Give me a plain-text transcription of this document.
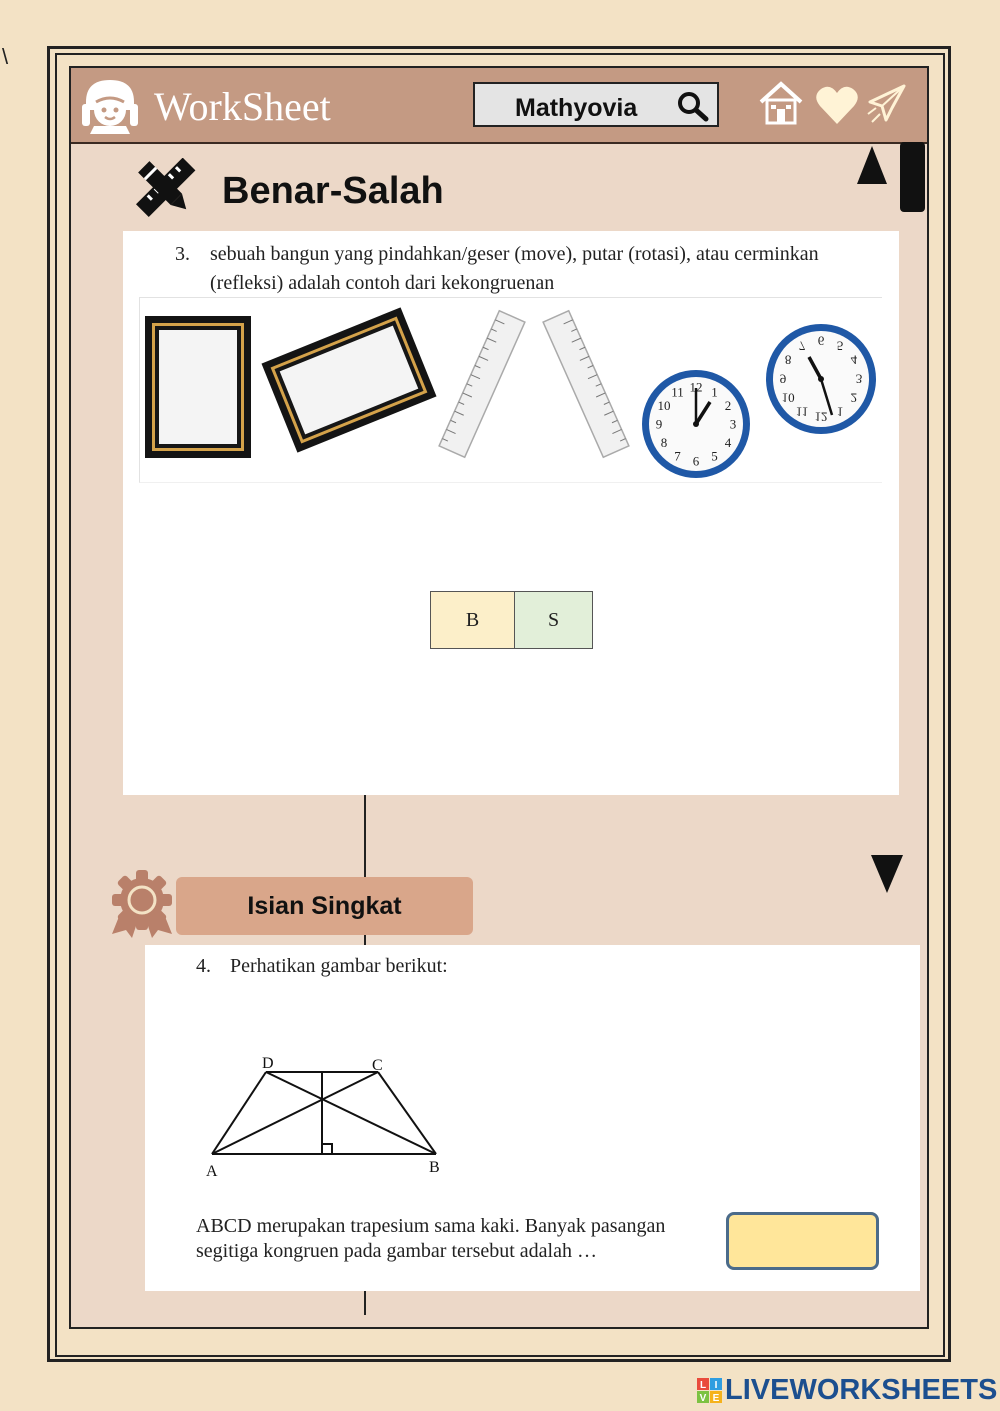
\
WorkSheet	Mathyovia
Benar-Salah
3. sebuah bangun yang pindahkan/geser (move), putar (rotasi), atau cerminkan (refleksi) adalah contoh dari kekongruenan
12 1
2
3
4
5
6
7
8
9
10
11
12 1
2
3
4
5
6
7
8
9
10
11
B	S
Isian Singkat
4. Perhatikan gambar berikut:
A	B
C
D
ABCD merupakan trapesium sama kaki. Banyak pasangan segitiga kongruen pada gambar tersebut adalah …
L I
V E LIVEWORKSHEETS
